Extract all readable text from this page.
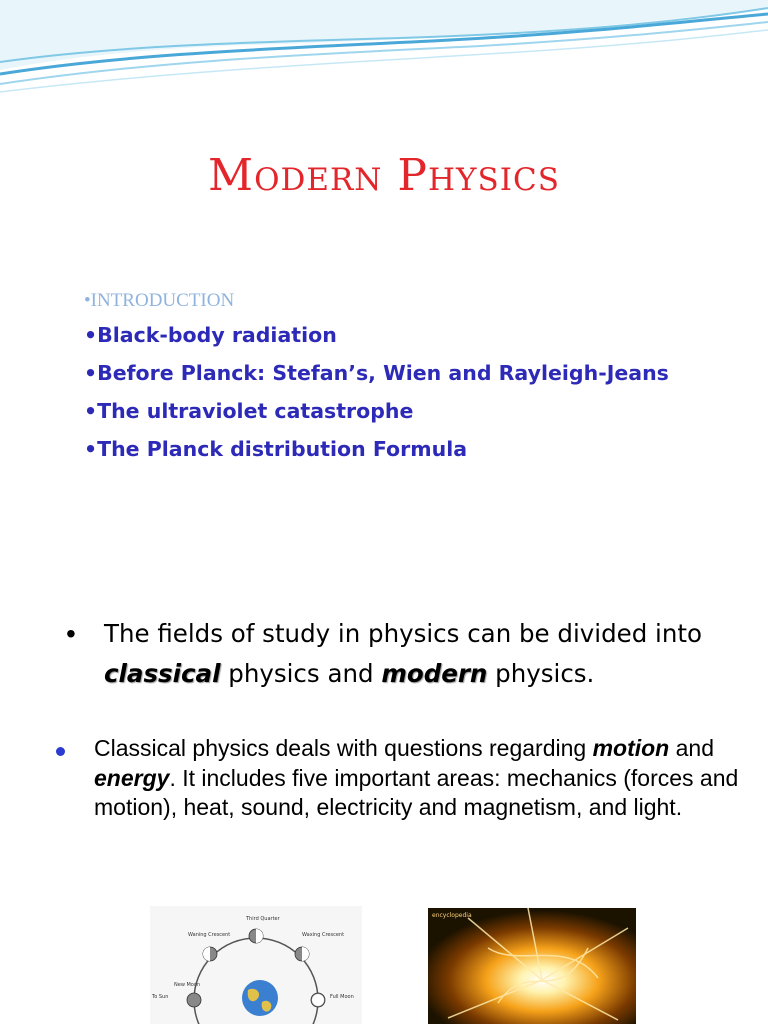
Modern Physics
•INTRODUCTION
•Black-body radiation
•Before Planck: Stefan’s, Wien and Rayleigh-Jeans
•The ultraviolet catastrophe
•The Planck distribution Formula
•	The fields of study in physics can be divided into classical physics and modern physics.
Classical physics deals with questions regarding motion and energy. It includes five important areas: mechanics (forces and motion), heat, sound, electricity and magnetism, and light.
Third Quarter
Waning Crescent	Waxing Crescent
To Sun
New Moon
Full Moon
encyclopedia
